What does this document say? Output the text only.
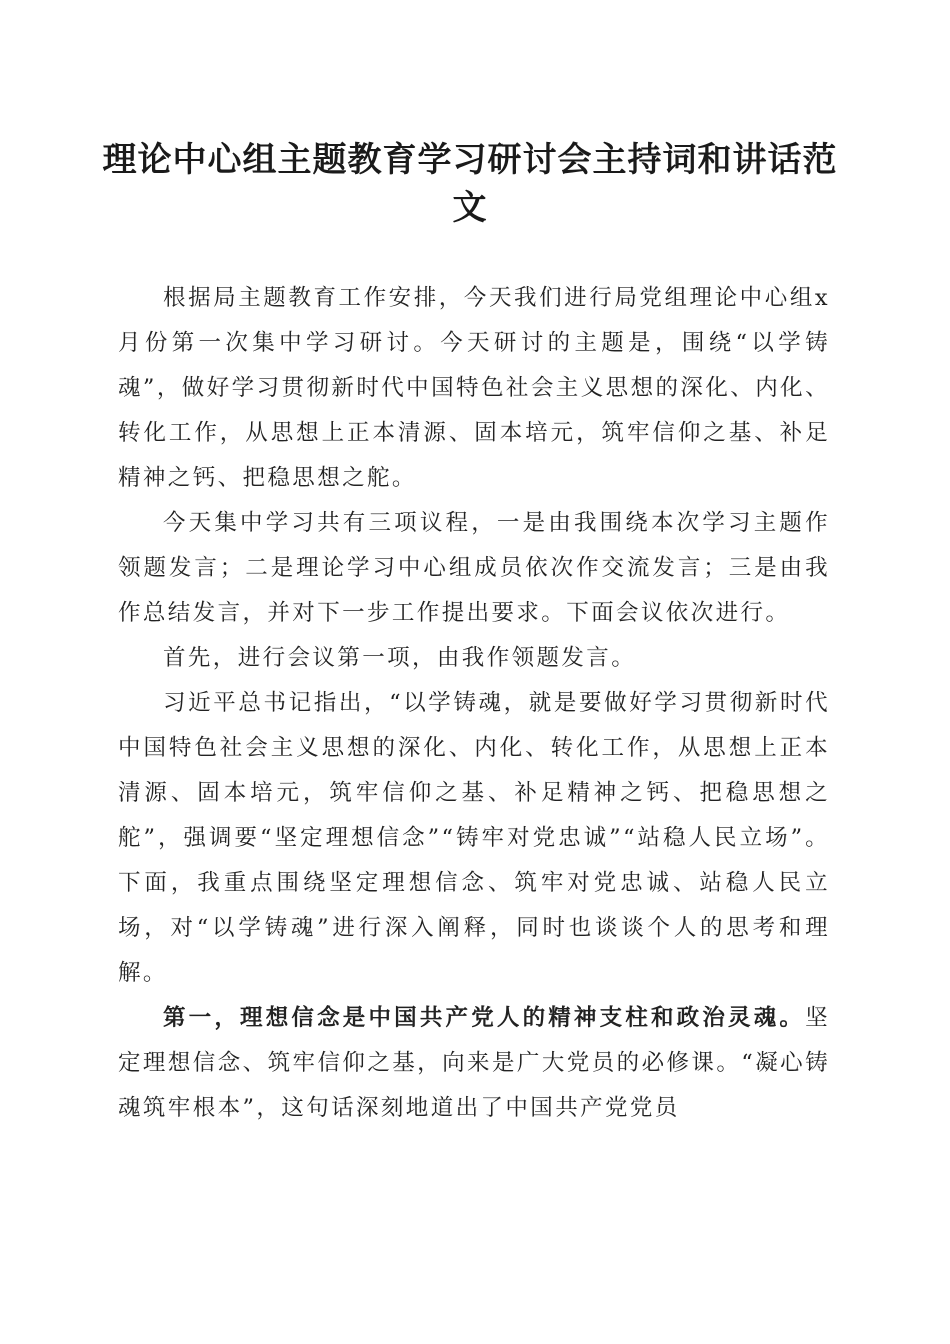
理论中心组主题教育学习研讨会主持词和讲话范文

根据局主题教育工作安排，今天我们进行局党组理论中心组x月份第一次集中学习研讨。今天研讨的主题是，围绕“以学铸魂”，做好学习贯彻新时代中国特色社会主义思想的深化、内化、转化工作，从思想上正本清源、固本培元，筑牢信仰之基、补足精神之钙、把稳思想之舵。

今天集中学习共有三项议程，一是由我围绕本次学习主题作领题发言；二是理论学习中心组成员依次作交流发言；三是由我作总结发言，并对下一步工作提出要求。下面会议依次进行。

首先，进行会议第一项，由我作领题发言。

习近平总书记指出，“以学铸魂，就是要做好学习贯彻新时代中国特色社会主义思想的深化、内化、转化工作，从思想上正本清源、固本培元，筑牢信仰之基、补足精神之钙、把稳思想之舵”，强调要“坚定理想信念”“铸牢对党忠诚”“站稳人民立场”。下面，我重点围绕坚定理想信念、筑牢对党忠诚、站稳人民立场，对“以学铸魂”进行深入阐释，同时也谈谈个人的思考和理解。

第一，理想信念是中国共产党人的精神支柱和政治灵魂。坚定理想信念、筑牢信仰之基，向来是广大党员的必修课。“凝心铸魂筑牢根本”，这句话深刻地道出了中国共产党党员
